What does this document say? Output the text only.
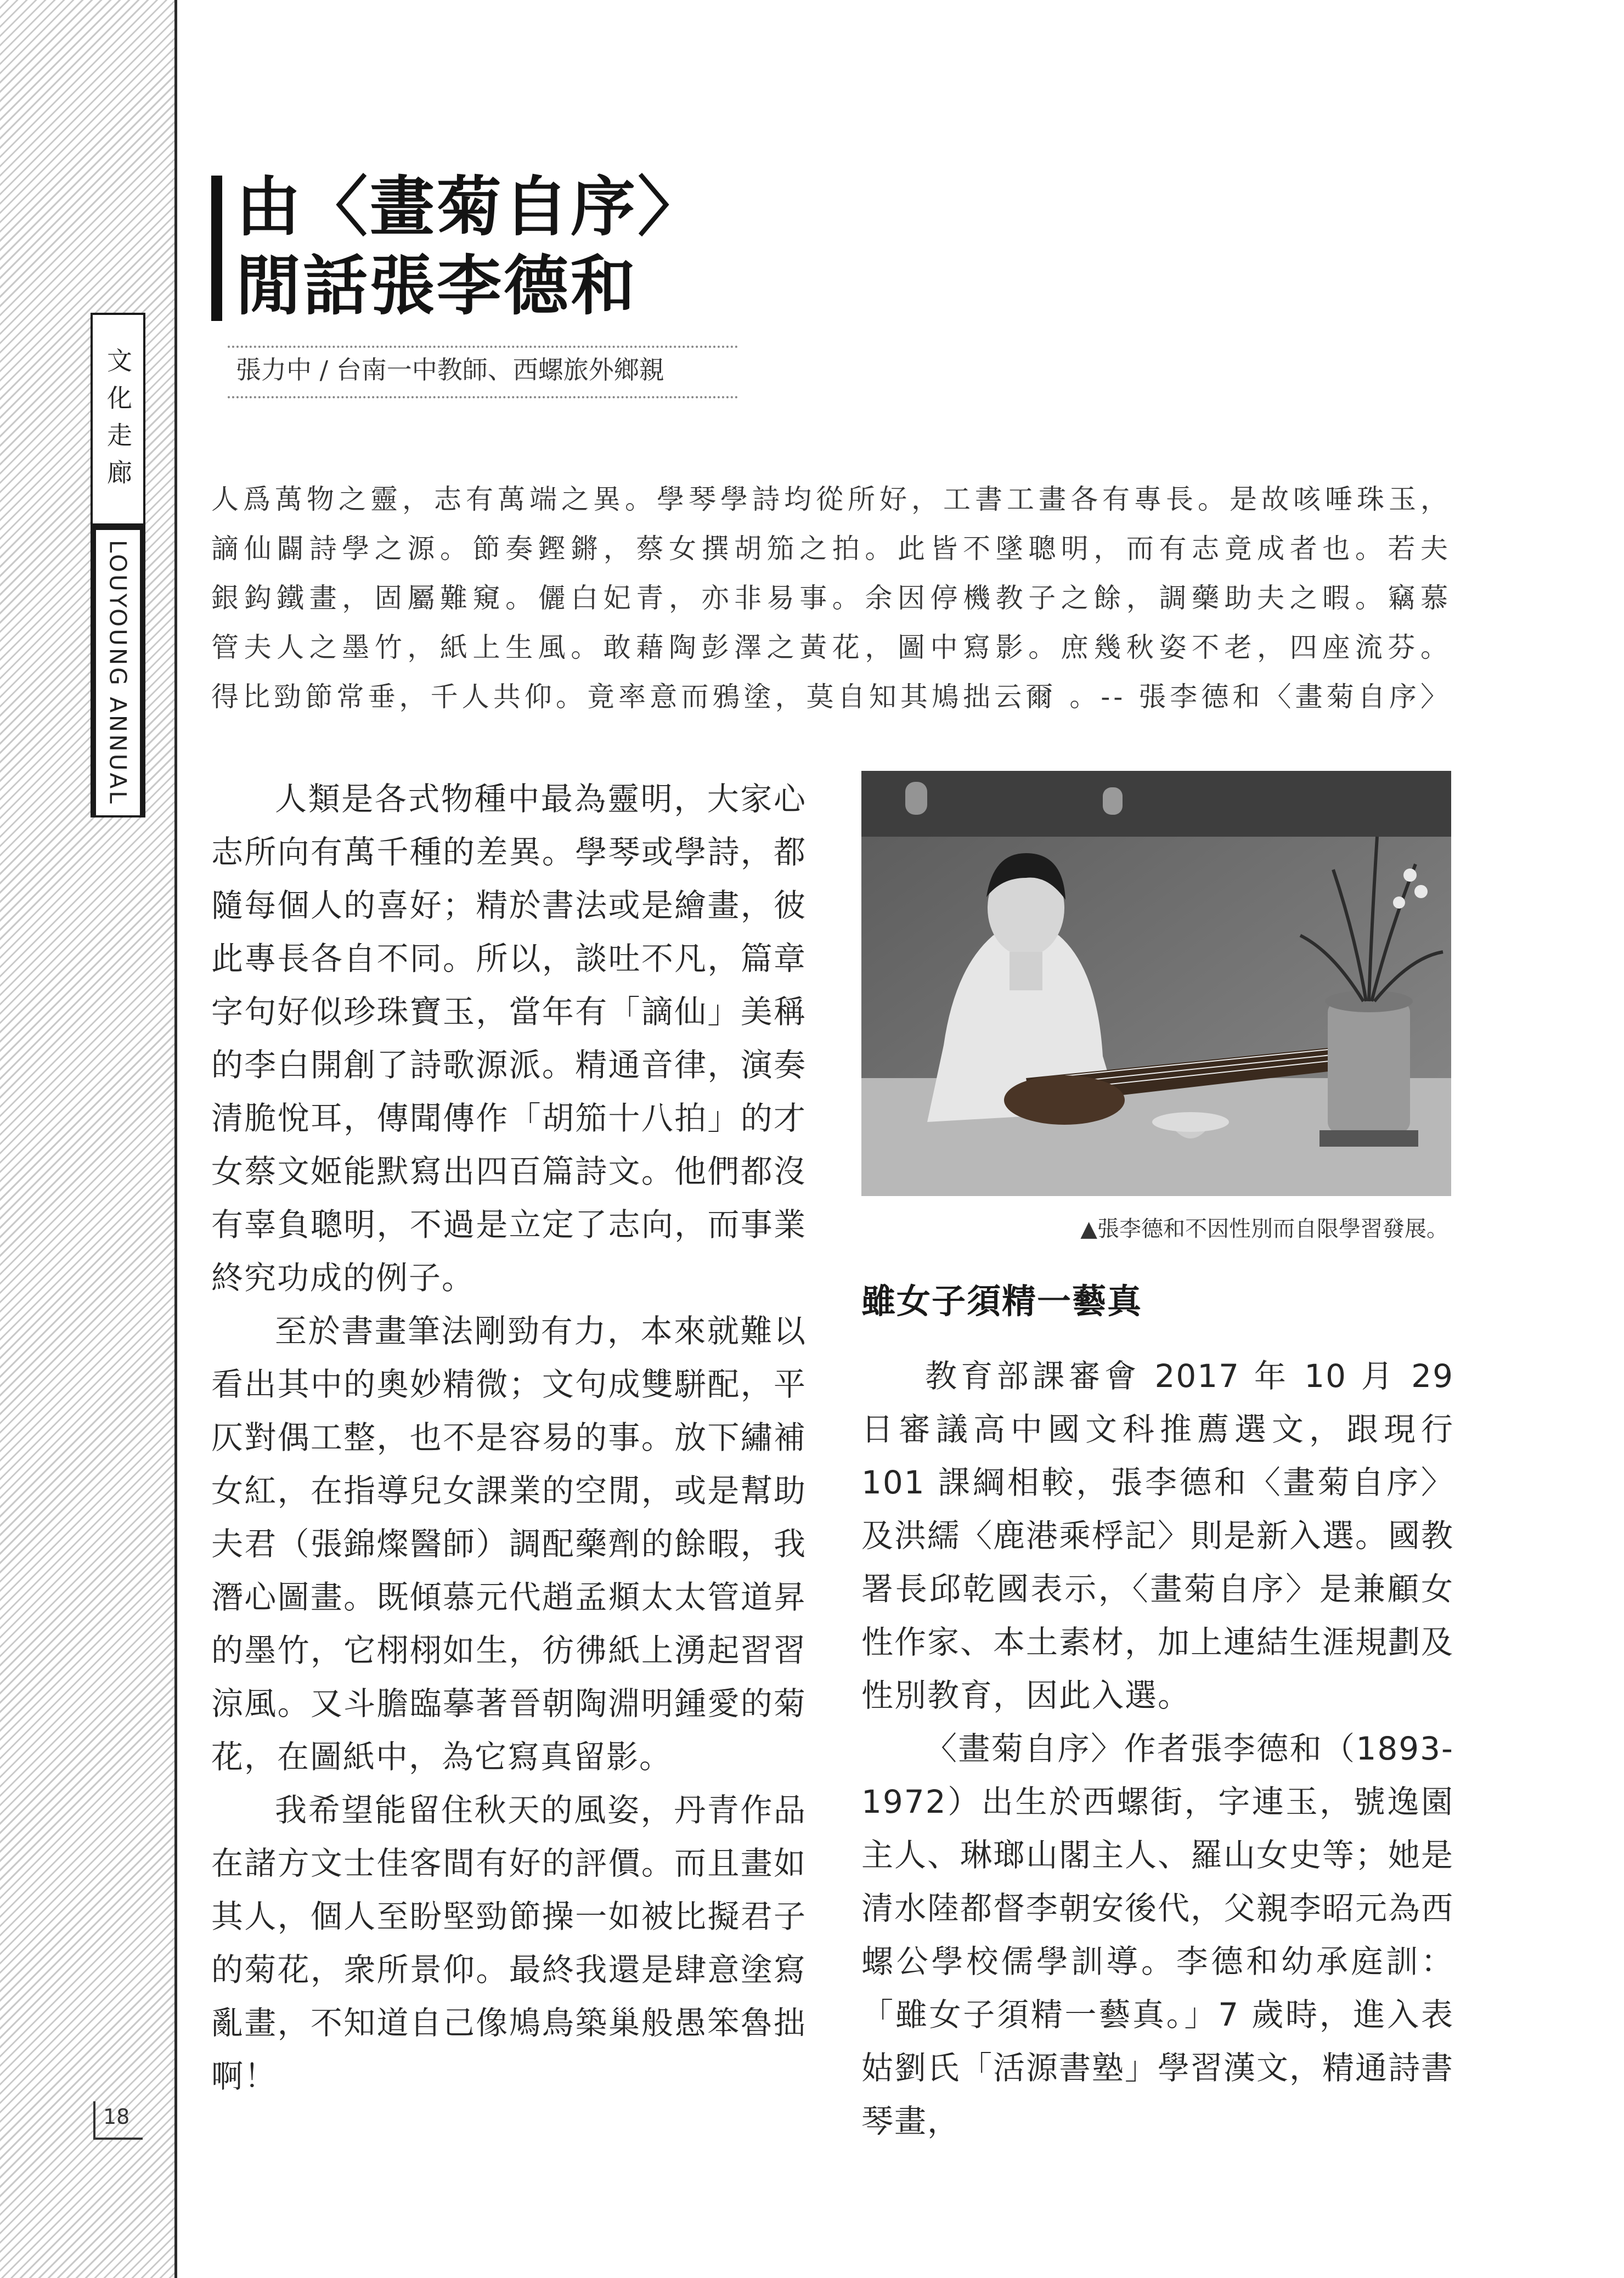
文化走廊
LOUYOUNG ANNUAL
18
由〈畫菊自序〉
閒話張李德和
張力中 / 台南一中教師、西螺旅外鄉親
人爲萬物之靈，志有萬端之異。學琴學詩均從所好，工書工畫各有專長。是故咳唾珠玉，
謫仙闢詩學之源。節奏鏗鏘，蔡女撰胡笳之拍。此皆不墜聰明，而有志竟成者也。若夫
銀鈎鐵畫，固屬難窺。儷白妃青，亦非易事。余因停機教子之餘，調藥助夫之暇。竊慕
管夫人之墨竹，紙上生風。敢藉陶彭澤之黃花，圖中寫影。庶幾秋姿不老，四座流芬。
得比勁節常垂，千人共仰。竟率意而鴉塗，莫自知其鳩拙云爾 。-- 張李德和〈畫菊自序〉

人類是各式物種中最為靈明，大家心志所向有萬千種的差異。學琴或學詩，都隨每個人的喜好；精於書法或是繪畫，彼此專長各自不同。所以，談吐不凡，篇章字句好似珍珠寶玉，當年有「謫仙」美稱的李白開創了詩歌源派。精通音律，演奏清脆悅耳，傳聞傳作「胡笳十八拍」的才女蔡文姬能默寫出四百篇詩文。他們都沒有辜負聰明，不過是立定了志向，而事業終究功成的例子。

至於書畫筆法剛勁有力，本來就難以看出其中的奧妙精微；文句成雙駢配，平仄對偶工整，也不是容易的事。放下繡補女紅，在指導兒女課業的空閒，或是幫助夫君（張錦燦醫師）調配藥劑的餘暇，我潛心圖畫。既傾慕元代趙孟頫太太管道昇的墨竹，它栩栩如生，彷彿紙上湧起習習涼風。又斗膽臨摹著晉朝陶淵明鍾愛的菊花，在圖紙中，為它寫真留影。

我希望能留住秋天的風姿，丹青作品在諸方文士佳客間有好的評價。而且畫如其人，個人至盼堅勁節操一如被比擬君子的菊花，衆所景仰。最終我還是肆意塗寫亂畫，不知道自己像鳩鳥築巢般愚笨魯拙啊！

▲張李德和不因性別而自限學習發展。
雖女子須精一藝真

教育部課審會 2017 年 10 月 29 日審議高中國文科推薦選文，跟現行 101 課綱相較，張李德和〈畫菊自序〉及洪繻〈鹿港乘桴記〉則是新入選。國教署長邱乾國表示，〈畫菊自序〉是兼顧女性作家、本土素材，加上連結生涯規劃及性別教育，因此入選。

〈畫菊自序〉作者張李德和（1893-1972）出生於西螺街，字連玉，號逸園主人、琳瑯山閣主人、羅山女史等；她是清水陸都督李朝安後代，父親李昭元為西螺公學校儒學訓導。李德和幼承庭訓：「雖女子須精一藝真。」7 歲時，進入表姑劉氏「活源書塾」學習漢文，精通詩書琴畫，
